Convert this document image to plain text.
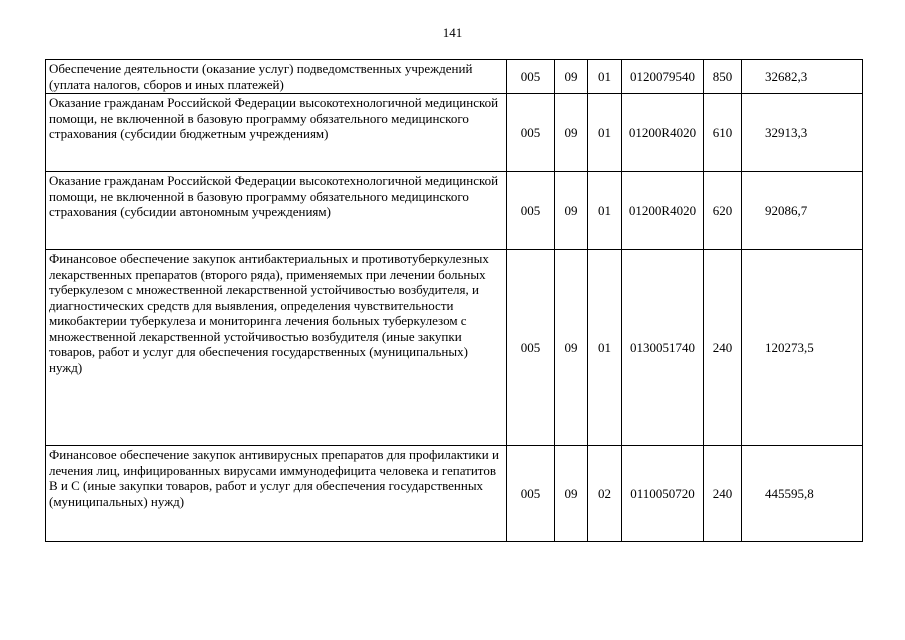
141
Обеспечение деятельности (оказание услуг) подведомственных учреждений (уплата налогов, сборов и иных платежей)	005	09	01	0120079540	850	32682,3
Оказание гражданам Российской Федерации высокотехнологичной медицинской помощи, не включенной в базовую программу обязательного медицинского страхования (субсидии бюджетным учреждениям)	005	09	01	01200R4020	610	32913,3
Оказание гражданам Российской Федерации высокотехнологичной медицинской помощи, не включенной в базовую программу обязательного медицинского страхования (субсидии автономным учреждениям)	005	09	01	01200R4020	620	92086,7
Финансовое обеспечение закупок антибактериальных и противотуберкулезных лекарственных препаратов (второго ряда), применяемых при лечении больных туберкулезом с множественной лекарственной устойчивостью возбудителя, и диагностических средств для выявления, определения чувствительности микобактерии туберкулеза и мониторинга лечения больных туберкулезом с множественной лекарственной устойчивостью возбудителя (иные закупки товаров, работ и услуг для обеспечения государственных (муниципальных) нужд)	005	09	01	0130051740	240	120273,5
Финансовое обеспечение закупок антивирусных препаратов для профилактики и лечения лиц, инфицированных вирусами иммунодефицита человека и гепатитов В и С (иные закупки товаров, работ и услуг для обеспечения государственных (муниципальных) нужд)	005	09	02	0110050720	240	445595,8
